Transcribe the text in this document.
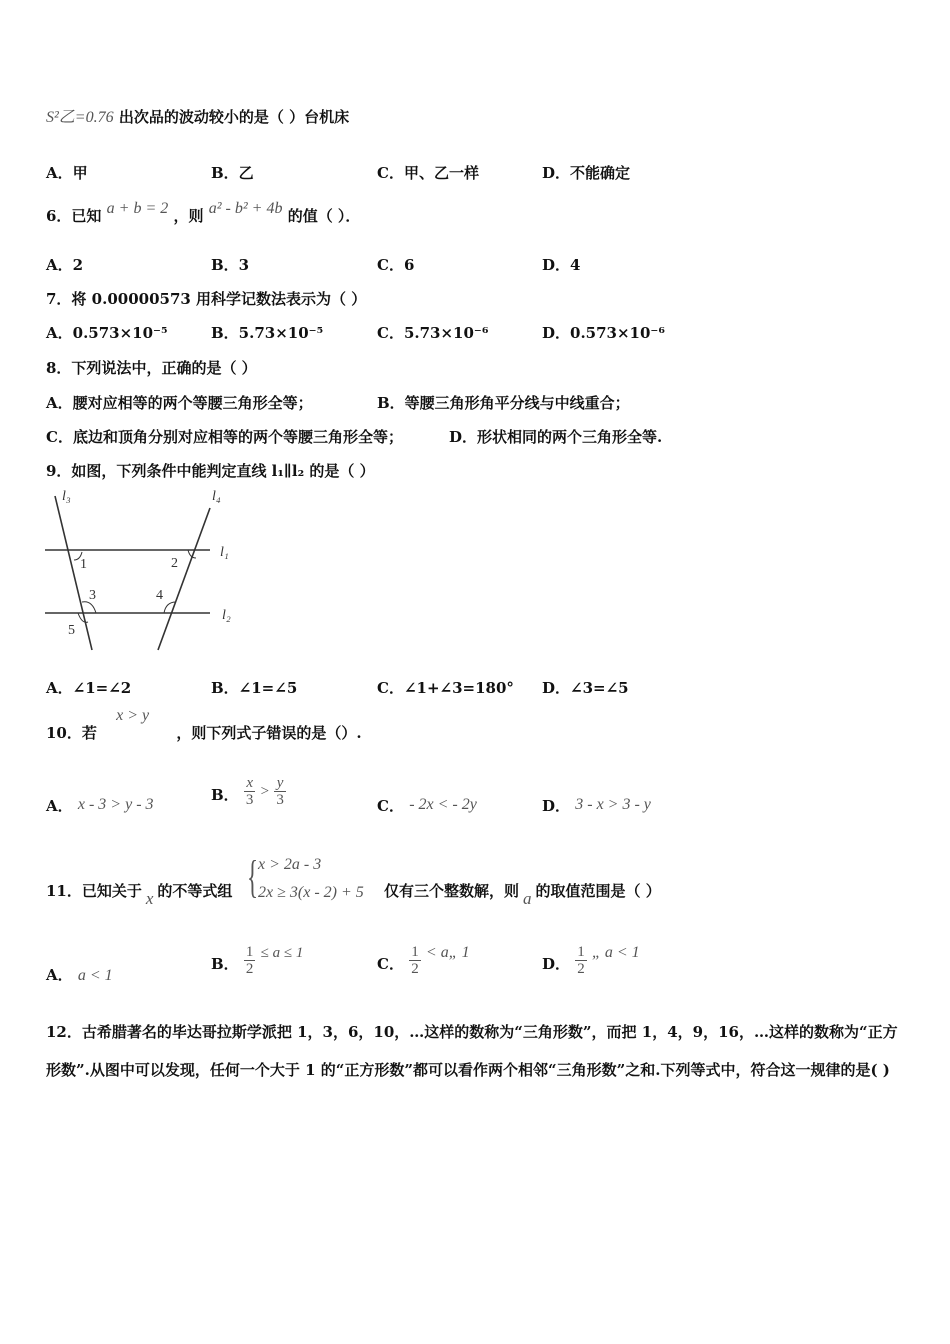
S²乙=0.76 出次品的波动较小的是（ ）台机床
A．甲	B．乙	C．甲、乙一样	D．不能确定
6．已知 a + b = 2 ，则 a² - b² + 4b 的值（ ）．
A．2	B．3	C．6	D．4
7．将 0.00000573 用科学记数法表示为（ ）
A．0.573×10⁻⁵	B．5.73×10⁻⁵	C．5.73×10⁻⁶	D．0.573×10⁻⁶
8．下列说法中，正确的是（ ）
A．腰对应相等的两个等腰三角形全等；	B．等腰三角形角平分线与中线重合；
C．底边和顶角分别对应相等的两个等腰三角形全等；	D．形状相同的两个三角形全等.
9．如图，下列条件中能判定直线 l₁∥l₂ 的是（ ）
l₃	l₄
l₁
l₂
1	2
3	4
5
A．∠1=∠2	B．∠1=∠5	C．∠1+∠3=180° D．∠3=∠5
10．若 x > y ，则下列式子错误的是（）.
A． x - 3 > y - 3
B． $\frac{x}{3} > \frac{y}{3}$	C． - 2x < - 2y	D． 3 - x > 3 - y
11．已知关于 x 的不等式组 { x > 2a - 3
2x ≥ 3(x - 2) + 5 仅有三个整数解，则 a 的取值范围是（ ）
A． a < 1
B． $\frac{1}{2} \le a \le 1$
C． $\frac{1}{2}$ < a„ 1
D． $\frac{1}{2}$ „ a < 1
12．古希腊著名的毕达哥拉斯学派把 1，3，6，10，…这样的数称为“三角形数”，而把 1，4，9，16，…这样的数称为“正方形数”.从图中可以发现，任何一个大于 1 的“正方形数”都可以看作两个相邻“三角形数”之和.下列等式中，符合这一规律的是( )
